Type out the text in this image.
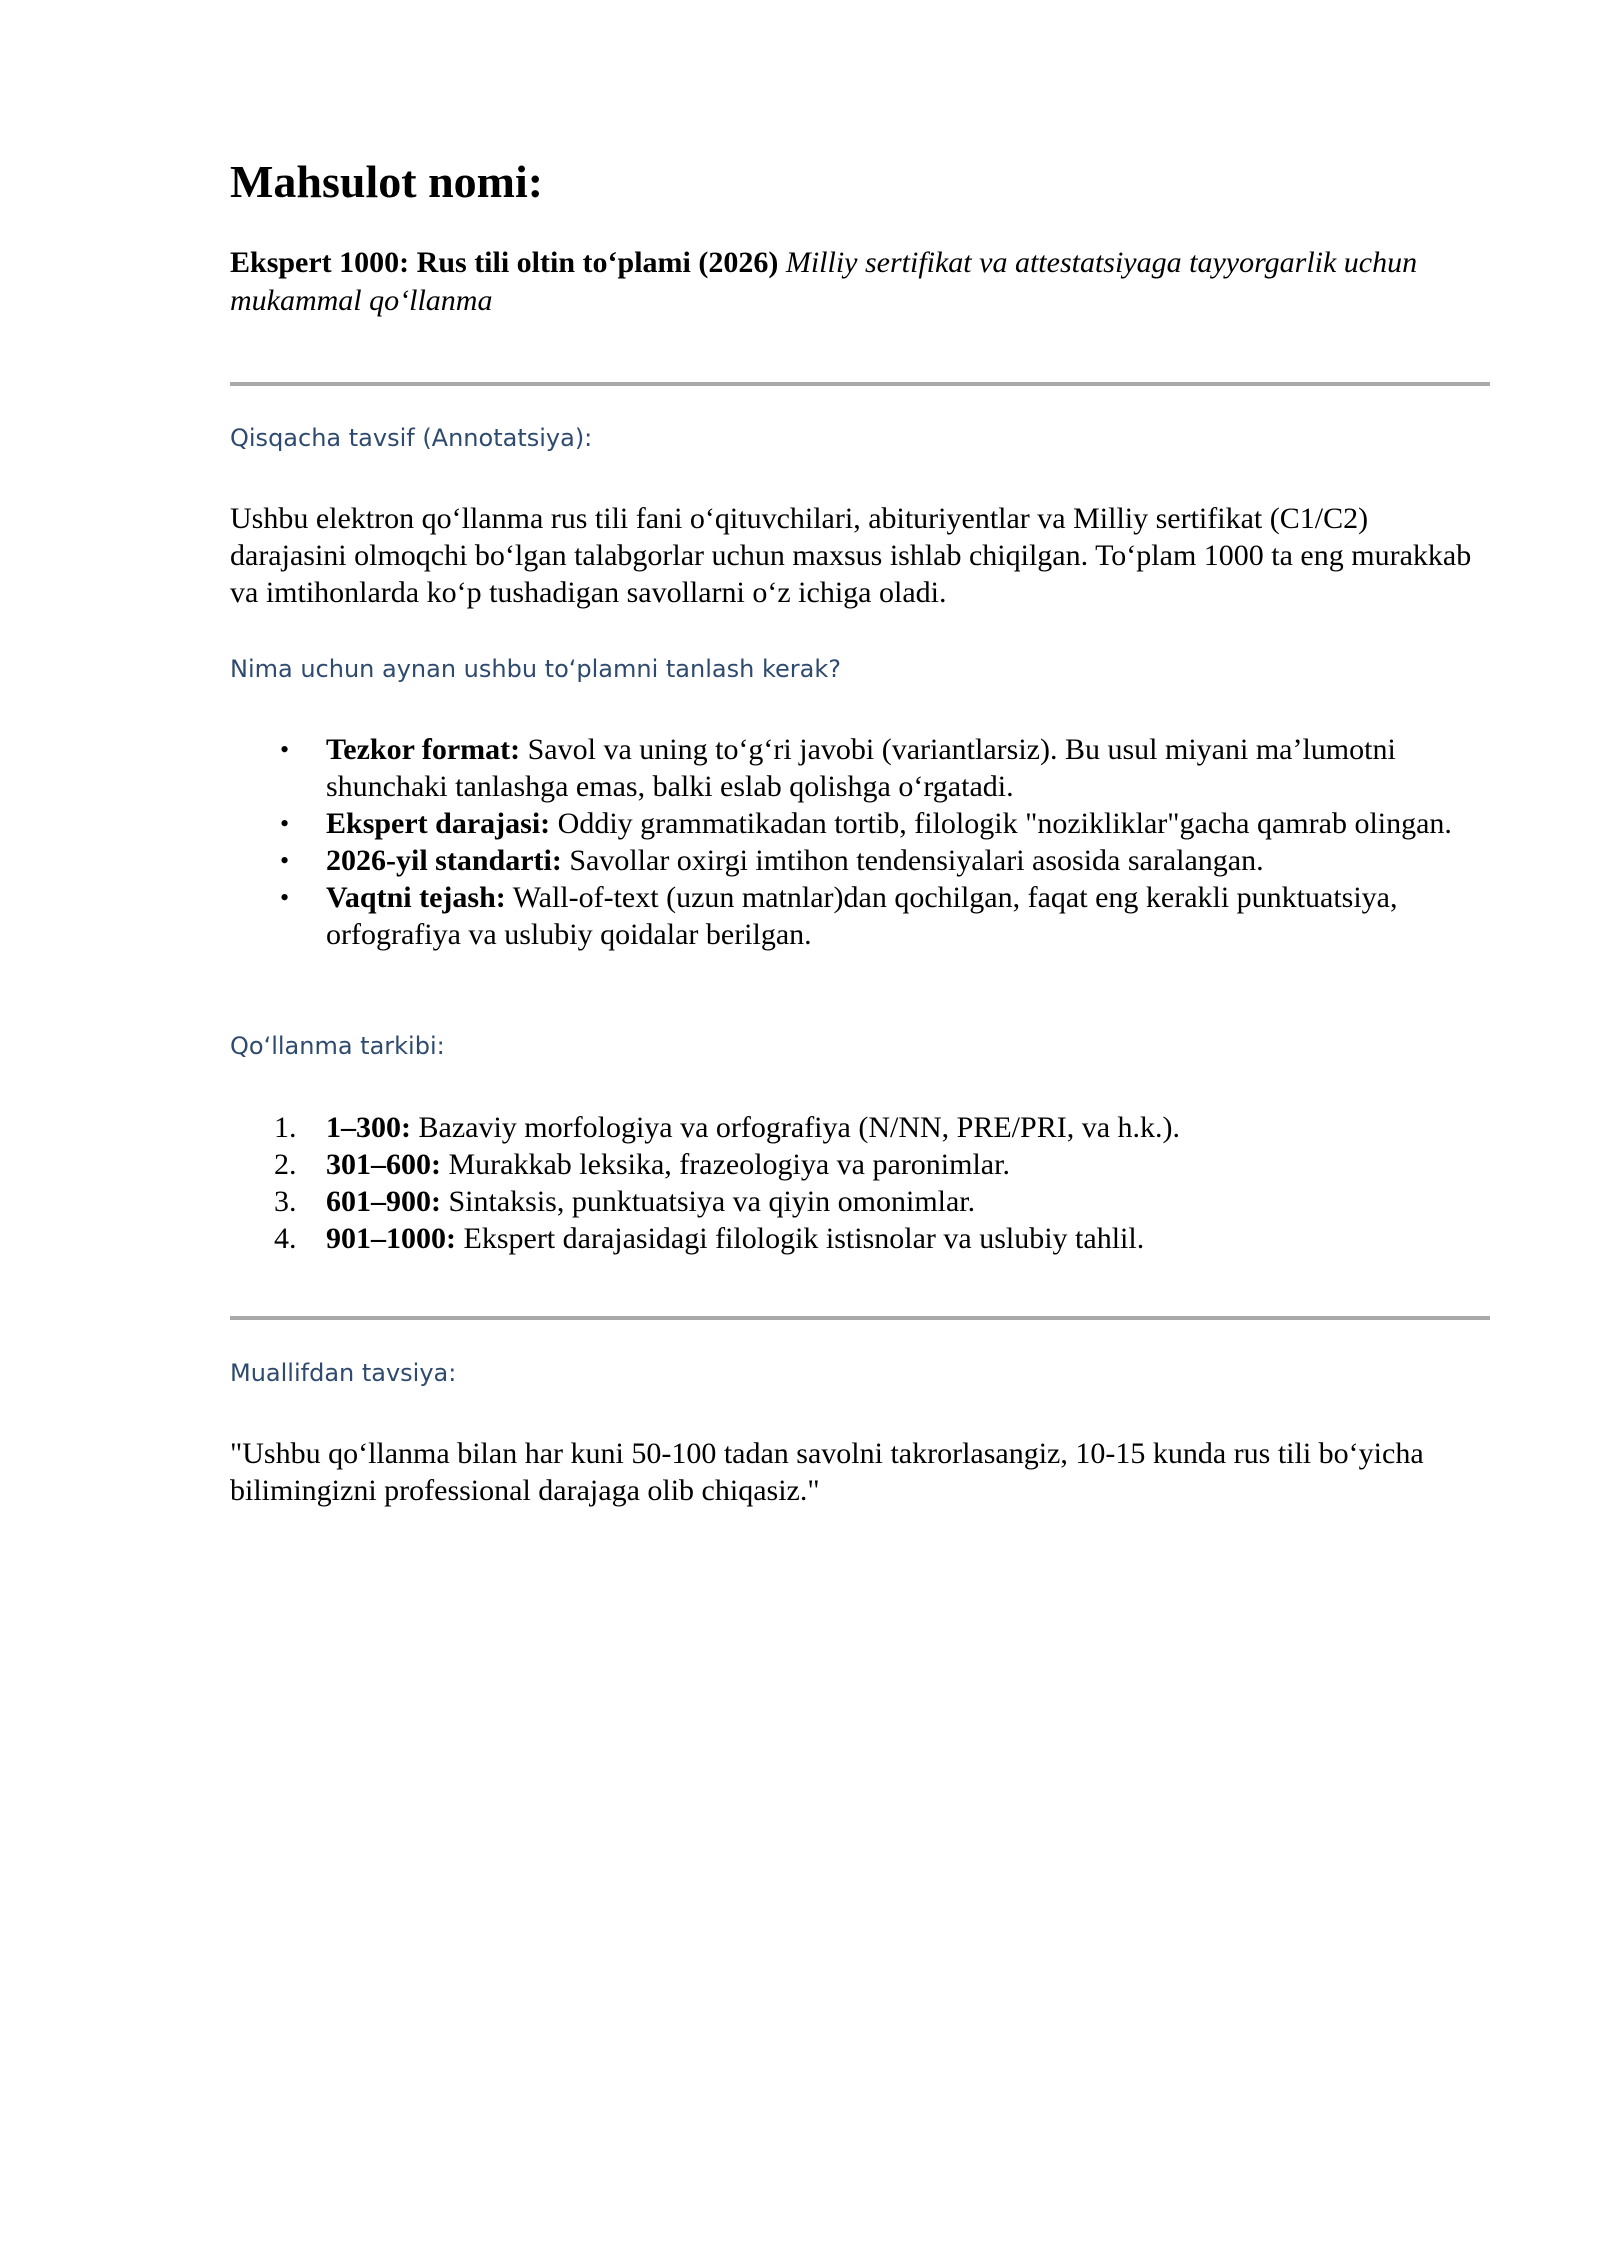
Mahsulot nomi:

Ekspert 1000: Rus tili oltin to‘plami (2026) Milliy sertifikat va attestatsiyaga tayyorgarlik uchun mukammal qo‘llanma

Qisqacha tavsif (Annotatsiya):

Ushbu elektron qo‘llanma rus tili fani o‘qituvchilari, abituriyentlar va Milliy sertifikat (C1/C2) darajasini olmoqchi bo‘lgan talabgorlar uchun maxsus ishlab chiqilgan. To‘plam 1000 ta eng murakkab va imtihonlarda ko‘p tushadigan savollarni o‘z ichiga oladi.

Nima uchun aynan ushbu to‘plamni tanlash kerak?
• Tezkor format: Savol va uning to‘g‘ri javobi (variantlarsiz). Bu usul miyani ma’lumotni shunchaki tanlashga emas, balki eslab qolishga o‘rgatadi.
• Ekspert darajasi: Oddiy grammatikadan tortib, filologik "nozikliklar"gacha qamrab olingan.
• 2026-yil standarti: Savollar oxirgi imtihon tendensiyalari asosida saralangan.
• Vaqtni tejash: Wall-of-text (uzun matnlar)dan qochilgan, faqat eng kerakli punktuatsiya, orfografiya va uslubiy qoidalar berilgan.
Qo‘llanma tarkibi:
1. 1–300: Bazaviy morfologiya va orfografiya (N/NN, PRE/PRI, va h.k.).
2. 301–600: Murakkab leksika, frazeologiya va paronimlar.
3. 601–900: Sintaksis, punktuatsiya va qiyin omonimlar.
4. 901–1000: Ekspert darajasidagi filologik istisnolar va uslubiy tahlil.
Muallifdan tavsiya:

"Ushbu qo‘llanma bilan har kuni 50-100 tadan savolni takrorlasangiz, 10-15 kunda rus tili bo‘yicha bilimingizni professional darajaga olib chiqasiz."
